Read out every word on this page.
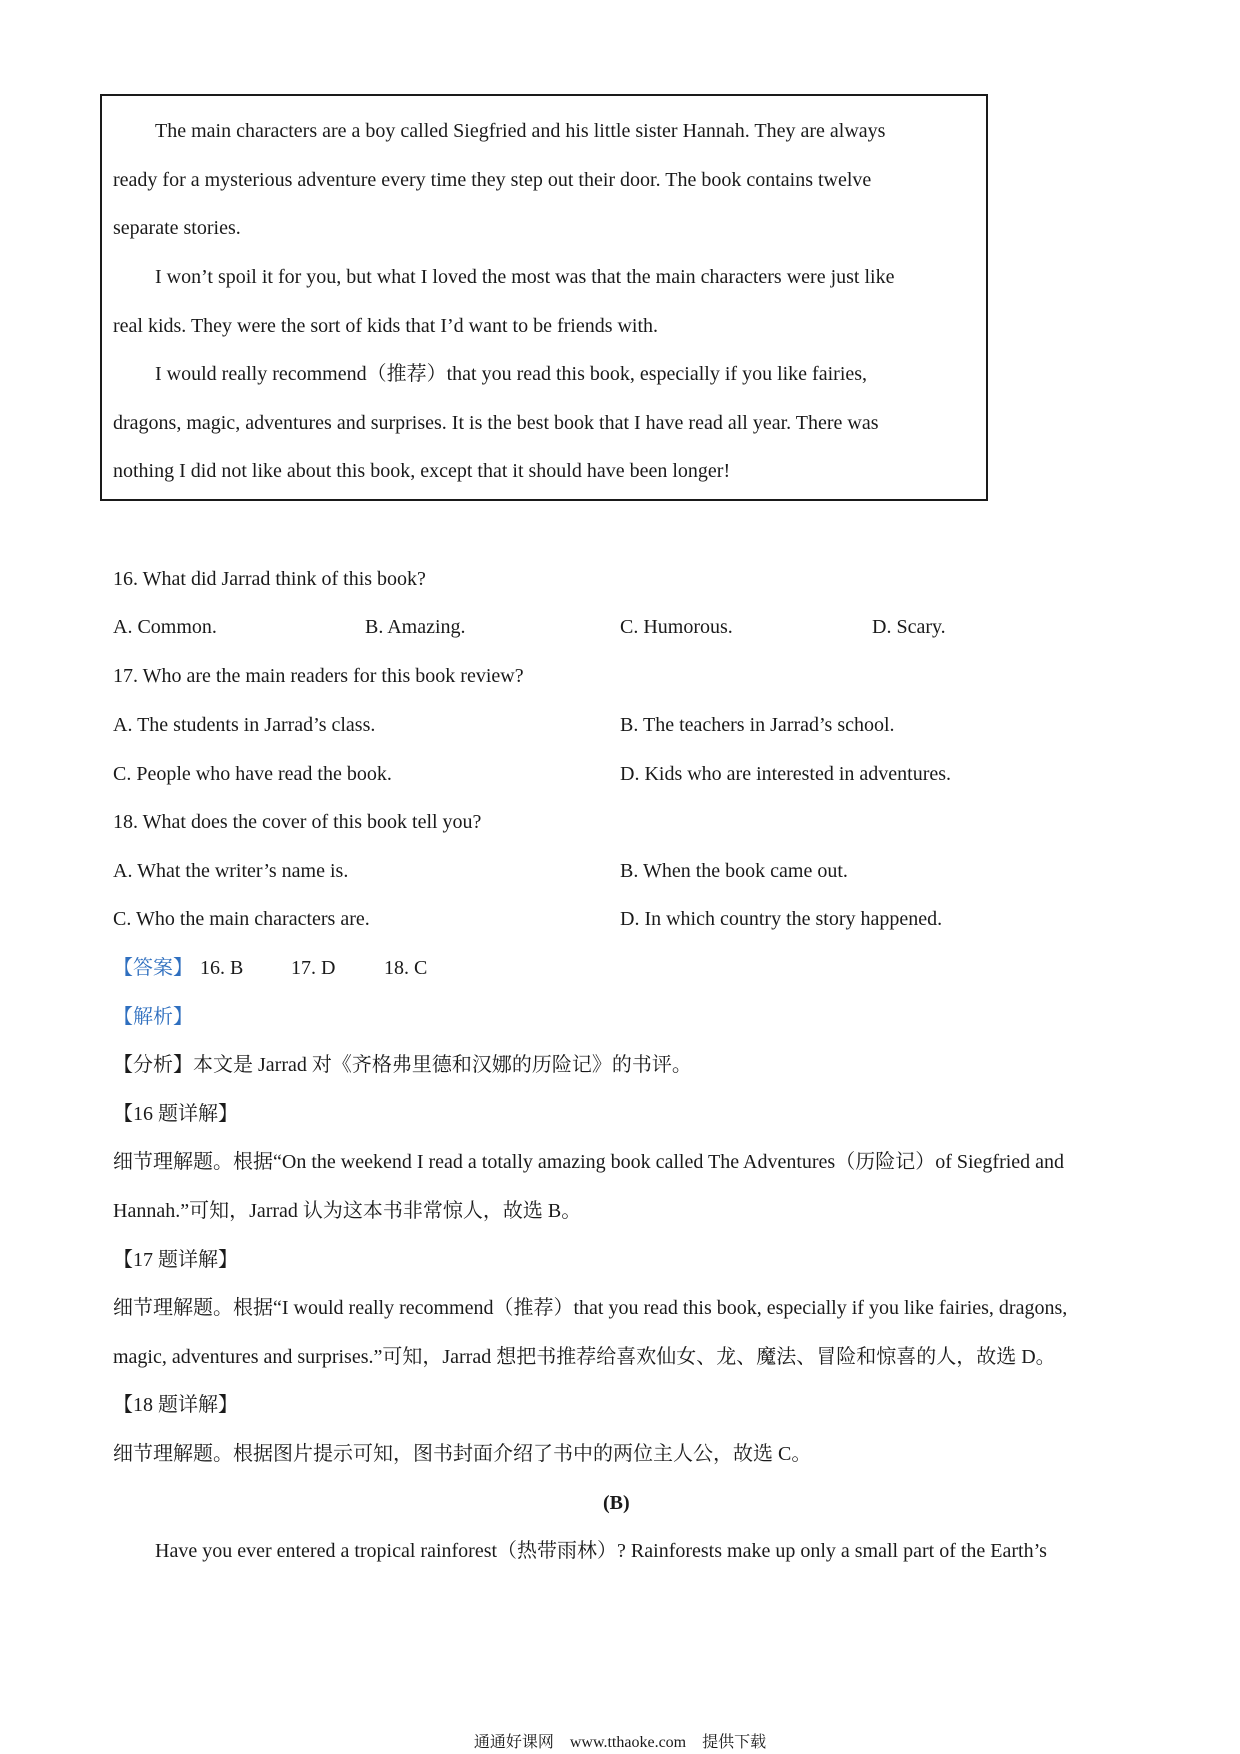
The main characters are a boy called Siegfried and his little sister Hannah. They are always
ready for a mysterious adventure every time they step out their door. The book contains twelve
separate stories.
I won’t spoil it for you, but what I loved the most was that the main characters were just like
real kids. They were the sort of kids that I’d want to be friends with.
I would really recommend（推荐）that you read this book, especially if you like fairies,
dragons, magic, adventures and surprises. It is the best book that I have read all year. There was
nothing I did not like about this book, except that it should have been longer!
16. What did Jarrad think of this book?
A. Common.	B. Amazing.	C. Humorous.	D. Scary.
17. Who are the main readers for this book review?
A. The students in Jarrad’s class.	B. The teachers in Jarrad’s school.
C. People who have read the book.	D. Kids who are interested in adventures.
18. What does the cover of this book tell you?
A. What the writer’s name is.	B. When the book came out.
C. Who the main characters are.	D. In which country the story happened.
【答案】 16. B 17. D 18. C
【解析】
【分析】本文是 Jarrad 对《齐格弗里德和汉娜的历险记》的书评。
【16 题详解】
细节理解题。根据“On the weekend I read a totally amazing book called The Adventures（历险记）of Siegfried and
Hannah.”可知，Jarrad 认为这本书非常惊人，故选 B。
【17 题详解】
细节理解题。根据“I would really recommend（推荐）that you read this book, especially if you like fairies, dragons,
magic, adventures and surprises.”可知，Jarrad 想把书推荐给喜欢仙女、龙、魔法、冒险和惊喜的人，故选 D。
【18 题详解】
细节理解题。根据图片提示可知，图书封面介绍了书中的两位主人公，故选 C。
(B)
Have you ever entered a tropical rainforest（热带雨林）? Rainforests make up only a small part of the Earth’s
通通好课网　www.tthaoke.com　提供下载
